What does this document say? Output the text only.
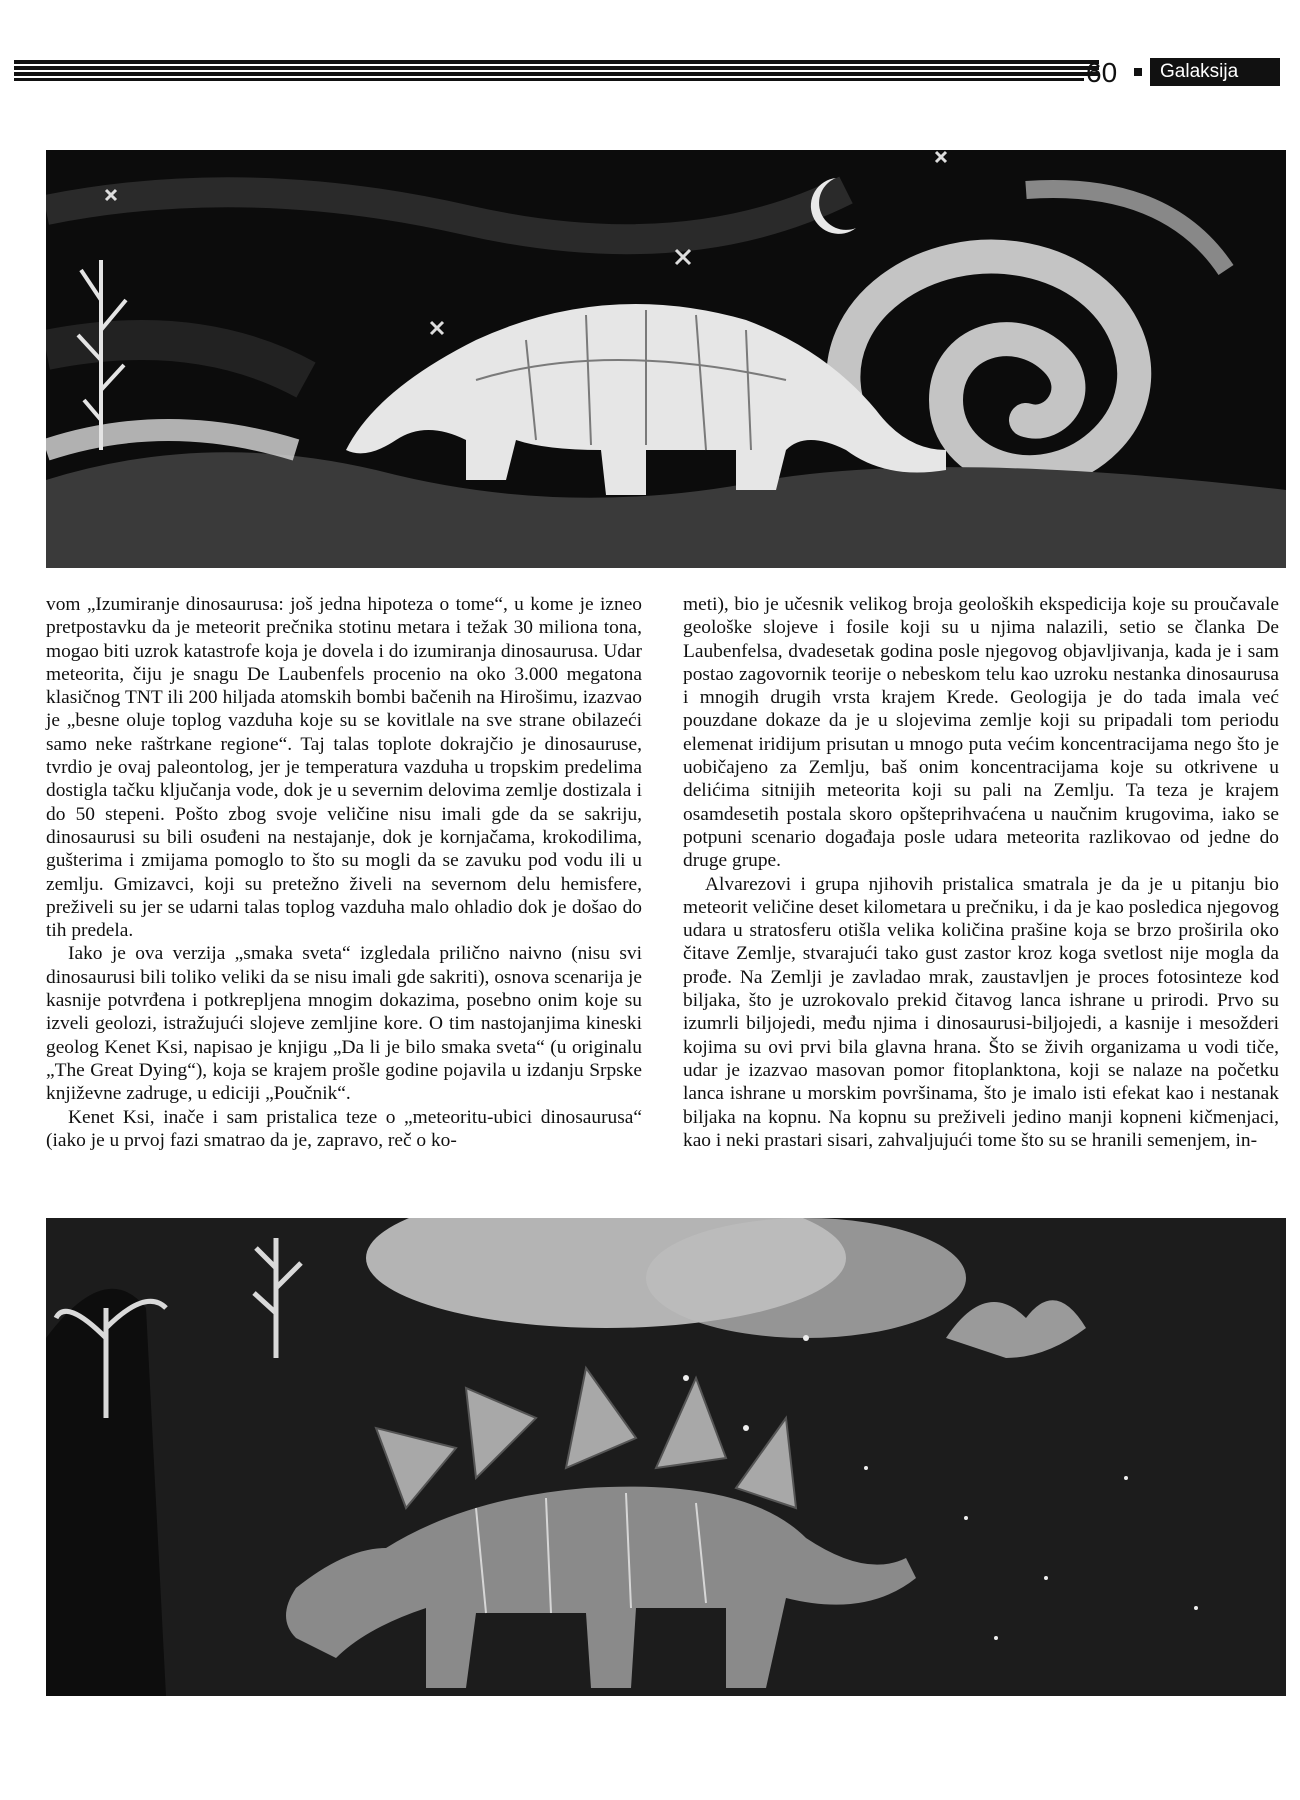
60	Galaksija

vom „Izumiranje dinosaurusa: još jedna hipoteza o tome“, u kome je izneo pretpostavku da je meteorit prečnika stotinu metara i težak 30 miliona tona, mogao biti uzrok katastrofe koja je dovela i do izumiranja dinosaurusa. Udar meteorita, čiju je snagu De Laubenfels procenio na oko 3.000 megatona klasičnog TNT ili 200 hiljada atomskih bombi bačenih na Hirošimu, izazvao je „besne oluje toplog vazduha koje su se kovitlale na sve strane obilazeći samo neke raštrkane regione“. Taj talas toplote dokrajčio je dinosauruse, tvrdio je ovaj paleontolog, jer je temperatura vazduha u tropskim predelima dostigla tačku ključanja vode, dok je u severnim delovima zemlje dostizala i do 50 stepeni. Pošto zbog svoje veličine nisu imali gde da se sakriju, dinosaurusi su bili osuđeni na nestajanje, dok je kornjačama, krokodilima, gušterima i zmijama pomoglo to što su mogli da se zavuku pod vodu ili u zemlju. Gmizavci, koji su pretežno živeli na severnom delu hemisfere, preživeli su jer se udarni talas toplog vazduha malo ohladio dok je došao do tih predela.

Iako je ova verzija „smaka sveta“ izgledala prilično naivno (nisu svi dinosaurusi bili toliko veliki da se nisu imali gde sakriti), osnova scenarija je kasnije potvrđena i potkrepljena mnogim dokazima, posebno onim koje su izveli geolozi, istražujući slojeve zemljine kore. O tim nastojanjima kineski geolog Kenet Ksi, napisao je knjigu „Da li je bilo smaka sveta“ (u originalu „The Great Dying“), koja se krajem prošle godine pojavila u izdanju Srpske književne zadruge, u ediciji „Poučnik“.

Kenet Ksi, inače i sam pristalica teze o „meteoritu-ubici dinosaurusa“ (iako je u prvoj fazi smatrao da je, zapravo, reč o ko-

meti), bio je učesnik velikog broja geoloških ekspedicija koje su proučavale geološke slojeve i fosile koji su u njima nalazili, setio se članka De Laubenfelsa, dvadesetak godina posle njegovog objavljivanja, kada je i sam postao zagovornik teorije o nebeskom telu kao uzroku nestanka dinosaurusa i mnogih drugih vrsta krajem Krede. Geologija je do tada imala već pouzdane dokaze da je u slojevima zemlje koji su pripadali tom periodu elemenat iridijum prisutan u mnogo puta većim koncentracijama nego što je uobičajeno za Zemlju, baš onim koncentracijama koje su otkrivene u delićima sitnijih meteorita koji su pali na Zemlju. Ta teza je krajem osamdesetih postala skoro opšteprihvaćena u naučnim krugovima, iako se potpuni scenario događaja posle udara meteorita razlikovao od jedne do druge grupe.

Alvarezovi i grupa njihovih pristalica smatrala je da je u pitanju bio meteorit veličine deset kilometara u prečniku, i da je kao posledica njegovog udara u stratosferu otišla velika količina prašine koja se brzo proširila oko čitave Zemlje, stvarajući tako gust zastor kroz koga svetlost nije mogla da prođe. Na Zemlji je zavladao mrak, zaustavljen je proces fotosinteze kod biljaka, što je uzrokovalo prekid čitavog lanca ishrane u prirodi. Prvo su izumrli biljojedi, među njima i dinosaurusi-biljojedi, a kasnije i mesožderi kojima su ovi prvi bila glavna hrana. Što se živih organizama u vodi tiče, udar je izazvao masovan pomor fitoplanktona, koji se nalaze na početku lanca ishrane u morskim površinama, što je imalo isti efekat kao i nestanak biljaka na kopnu. Na kopnu su preživeli jedino manji kopneni kičmenjaci, kao i neki prastari sisari, zahvaljujući tome što su se hranili semenjem, in-
